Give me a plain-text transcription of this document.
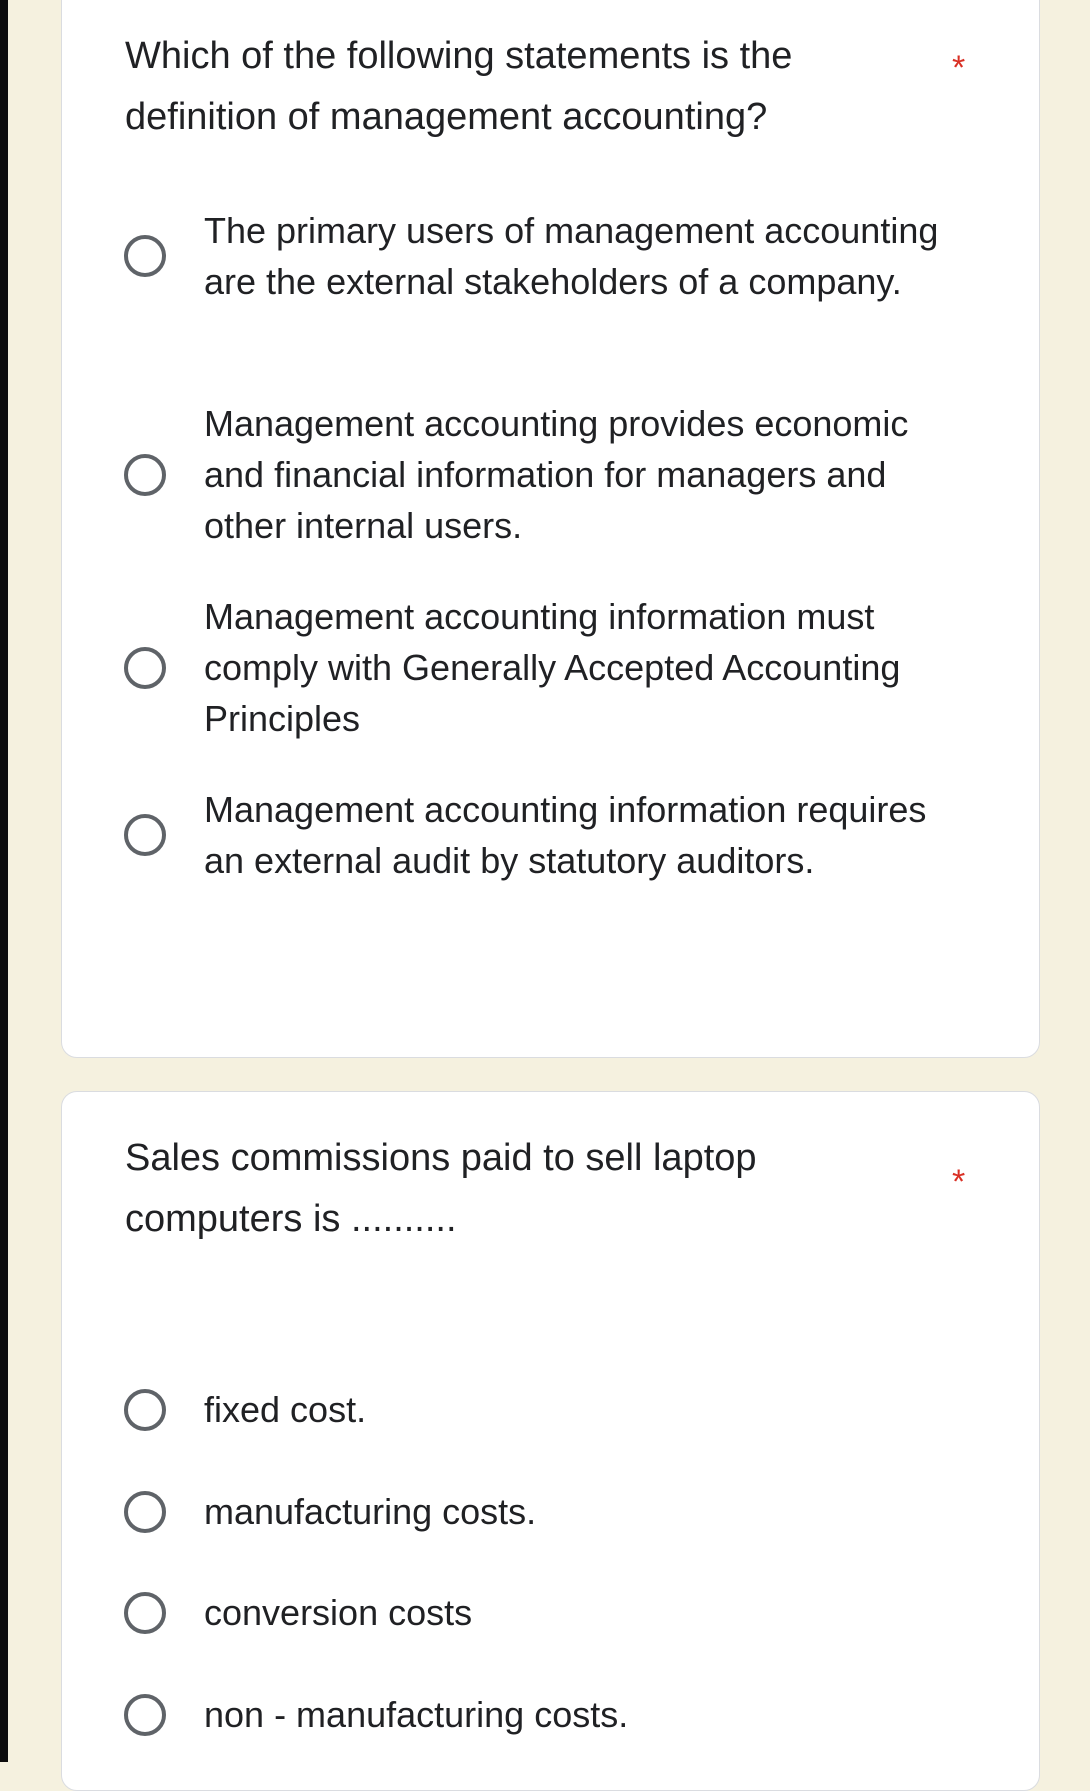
Which of the following statements is the definition of management accounting?
*
The primary users of management accounting are the external stakeholders of a company.
Management accounting provides economic and financial information for managers and other internal users.
Management accounting information must comply with Generally Accepted Accounting Principles
Management accounting information requires an external audit by statutory auditors.
Sales commissions paid to sell laptop computers is ..........
*
fixed cost.
manufacturing costs.
conversion costs
non - manufacturing costs.
